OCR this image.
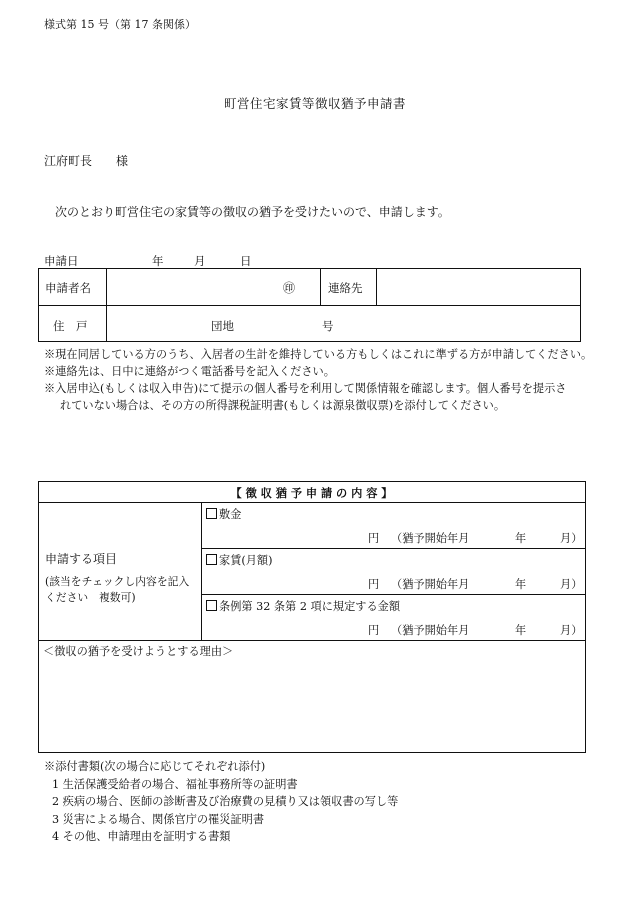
様式第 15 号（第 17 条関係）
町営住宅家賃等徴収猶予申請書
江府町長　　様
次のとおり町営住宅の家賃等の徴収の猶予を受けたいので、申請します。
申請日	年	月	日
申請者名	㊞	連絡先
住　戸	団地	号

※現在同居している方のうち、入居者の生計を維持している方もしくはこれに準ずる方が申請してください。

※連絡先は、日中に連絡がつく電話番号を記入ください。

※入居申込(もしくは収入申告)にて提示の個人番号を利用して関係情報を確認します。個人番号を提示さ

れていない場合は、その方の所得課税証明書(もしくは源泉徴収票)を添付してください。

【 徴 収 猶 予 申 請 の 内 容 】
申請する項目
(該当をチェックし内容を記入
ください　複数可)
敷金
円 （猶予開始年月	年	月）
家賃(月額)
円 （猶予開始年月	年	月）
条例第 32 条第 2 項に規定する金額
円 （猶予開始年月	年	月）
＜徴収の猶予を受けようとする理由＞

※添付書類(次の場合に応じてそれぞれ添付)

1 生活保護受給者の場合、福祉事務所等の証明書

2 疾病の場合、医師の診断書及び治療費の見積り又は領収書の写し等

3 災害による場合、関係官庁の罹災証明書

4 その他、申請理由を証明する書類
